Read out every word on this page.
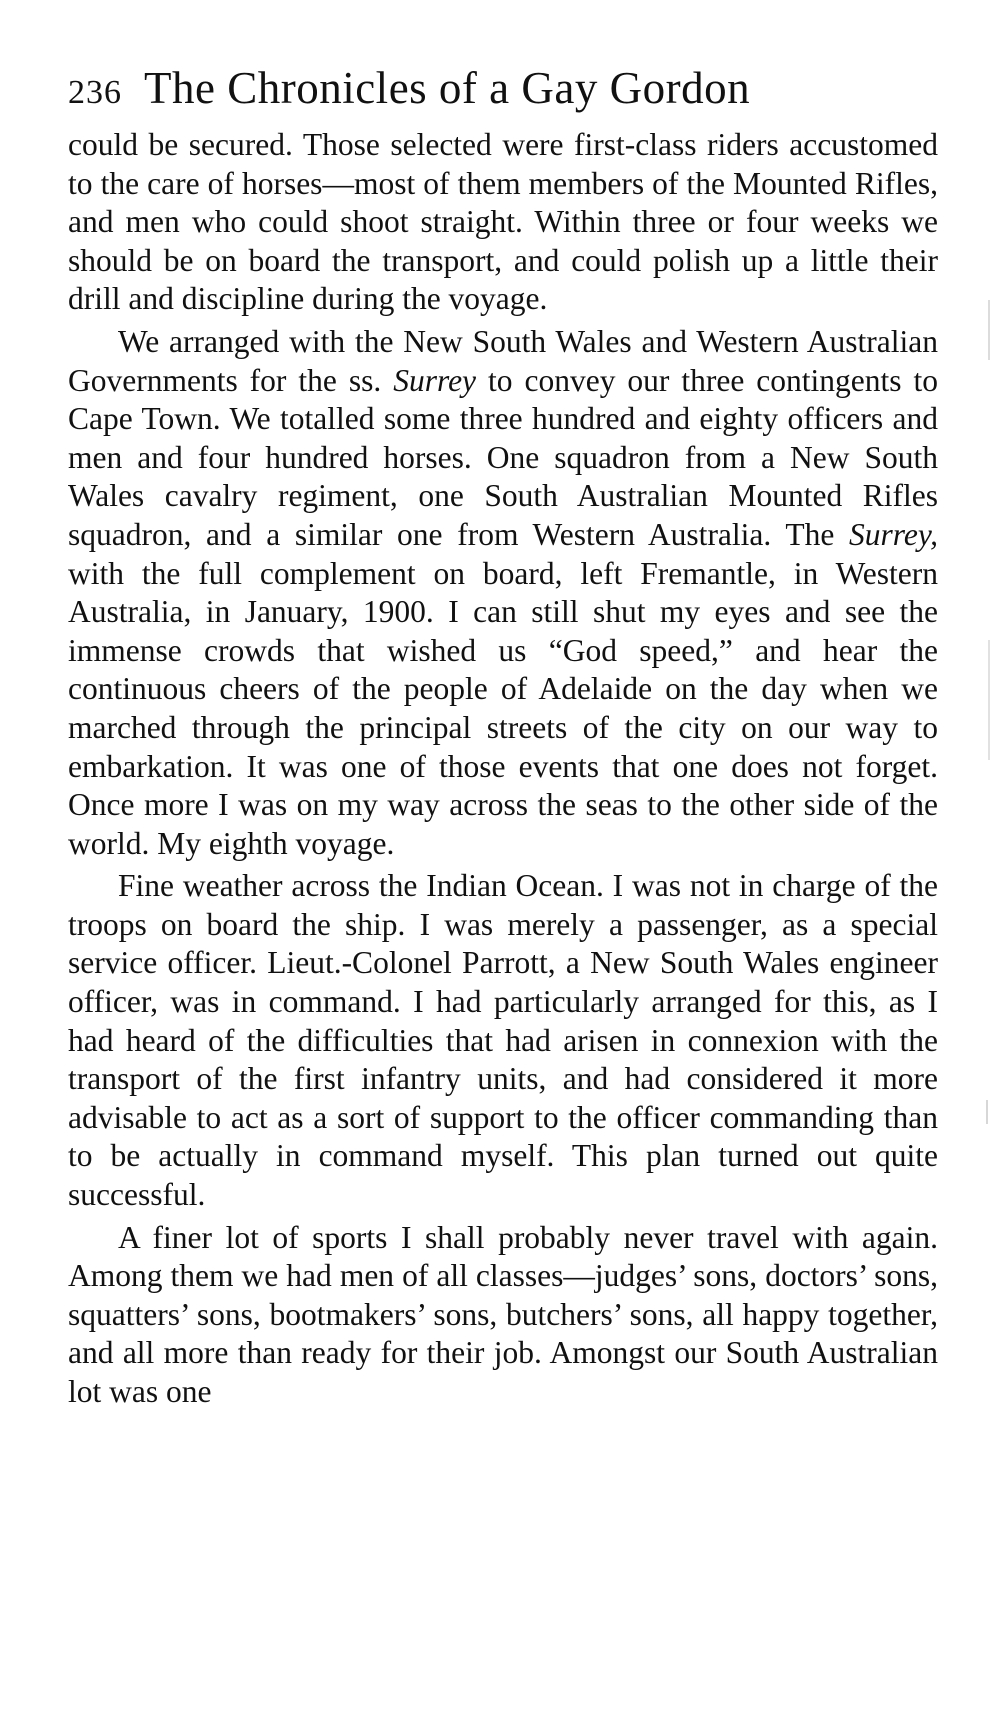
236 The Chronicles of a Gay Gordon

could be secured. Those selected were first-class riders accustomed to the care of horses—most of them members of the Mounted Rifles, and men who could shoot straight. Within three or four weeks we should be on board the transport, and could polish up a little their drill and discipline during the voyage.

We arranged with the New South Wales and Western Australian Governments for the ss. Surrey to convey our three contingents to Cape Town. We totalled some three hundred and eighty officers and men and four hundred horses. One squadron from a New South Wales cavalry regiment, one South Australian Mounted Rifles squadron, and a similar one from Western Australia. The Surrey, with the full complement on board, left Fremantle, in Western Australia, in January, 1900. I can still shut my eyes and see the immense crowds that wished us “God speed,” and hear the continuous cheers of the people of Adelaide on the day when we marched through the principal streets of the city on our way to embarkation. It was one of those events that one does not forget. Once more I was on my way across the seas to the other side of the world. My eighth voyage.

Fine weather across the Indian Ocean. I was not in charge of the troops on board the ship. I was merely a passenger, as a special service officer. Lieut.-Colonel Parrott, a New South Wales engineer officer, was in command. I had particularly arranged for this, as I had heard of the difficulties that had arisen in connexion with the transport of the first infantry units, and had considered it more advisable to act as a sort of support to the officer commanding than to be actually in command myself. This plan turned out quite successful.

A finer lot of sports I shall probably never travel with again. Among them we had men of all classes—judges’ sons, doctors’ sons, squatters’ sons, bootmakers’ sons, butchers’ sons, all happy together, and all more than ready for their job. Amongst our South Australian lot was one
